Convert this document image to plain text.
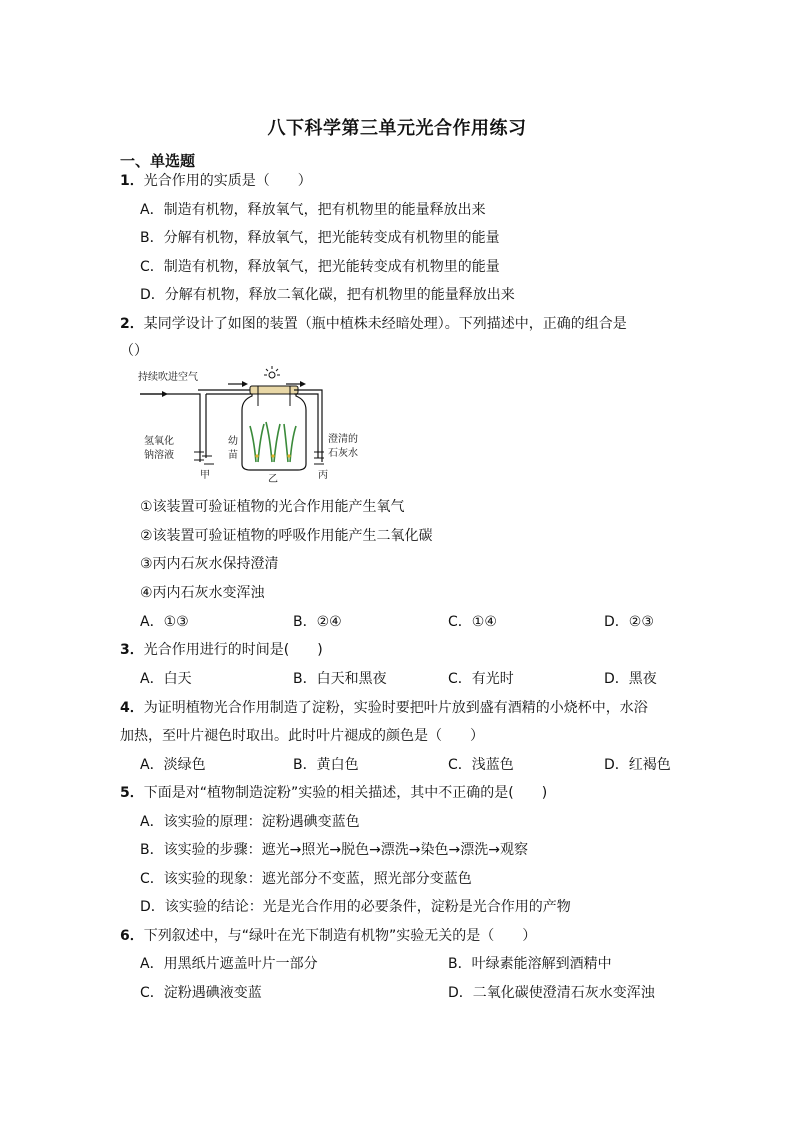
八下科学第三单元光合作用练习
一、单选题
1．光合作用的实质是（　　）
A．制造有机物，释放氧气，把有机物里的能量释放出来
B．分解有机物，释放氧气，把光能转变成有机物里的能量
C．制造有机物，释放氧气，把光能转变成有机物里的能量
D．分解有机物，释放二氧化碳，把有机物里的能量释放出来
2．某同学设计了如图的装置（瓶中植株未经暗处理）。下列描述中，正确的组合是
（）
持续吹进空气
氢氧化
钠溶液
甲
幼
苗
乙
澄清的
石灰水
丙
①该装置可验证植物的光合作用能产生氧气
②该装置可验证植物的呼吸作用能产生二氧化碳
③丙内石灰水保持澄清
④丙内石灰水变浑浊
A．①③	B．②④	C．①④	D．②③
3．光合作用进行的时间是(　　)
A．白天	B．白天和黑夜	C．有光时	D．黑夜
4．为证明植物光合作用制造了淀粉，实验时要把叶片放到盛有酒精的小烧杯中，水浴
加热，至叶片褪色时取出。此时叶片褪成的颜色是（　　）
A．淡绿色	B．黄白色	C．浅蓝色	D．红褐色
5．下面是对“植物制造淀粉”实验的相关描述，其中不正确的是(　　)
A．该实验的原理：淀粉遇碘变蓝色
B．该实验的步骤：遮光→照光→脱色→漂洗→染色→漂洗→观察
C．该实验的现象：遮光部分不变蓝，照光部分变蓝色
D．该实验的结论：光是光合作用的必要条件，淀粉是光合作用的产物
6．下列叙述中，与“绿叶在光下制造有机物”实验无关的是（　　）
A．用黑纸片遮盖叶片一部分	B．叶绿素能溶解到酒精中
C．淀粉遇碘液变蓝	D．二氧化碳使澄清石灰水变浑浊
